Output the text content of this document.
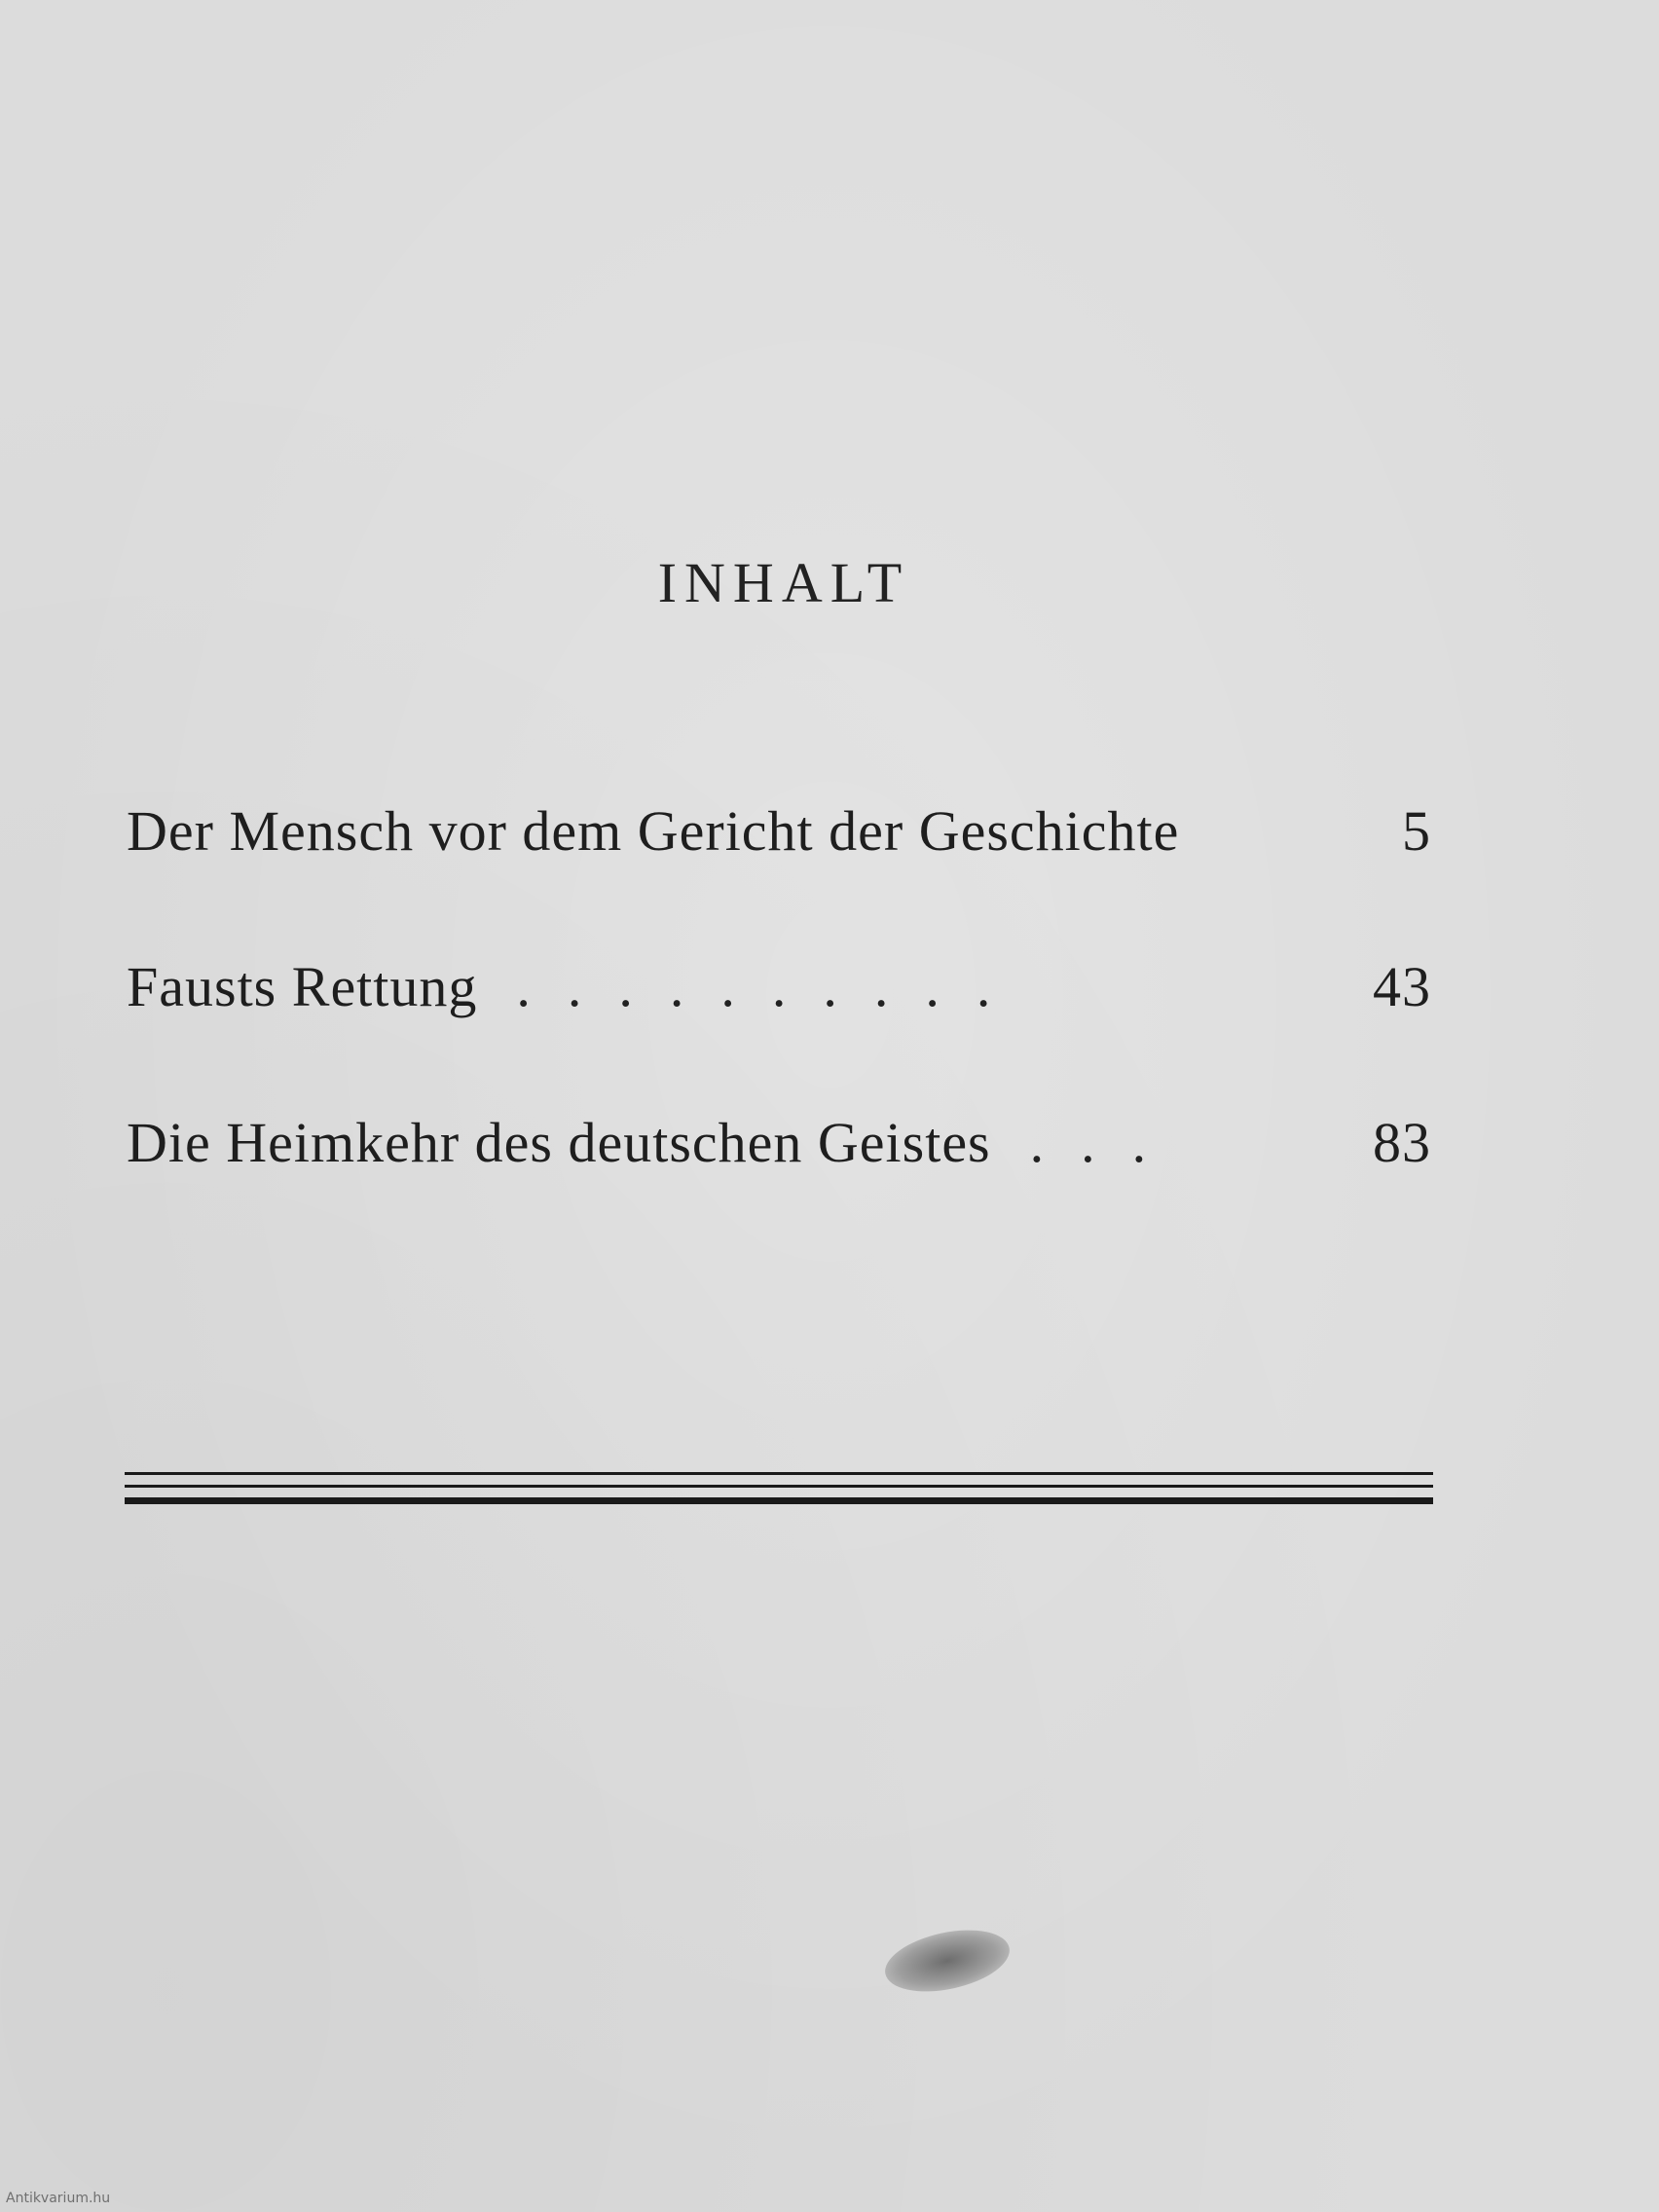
INHALT
Der Mensch vor dem Gericht der Geschichte	5
Fausts Rettung ..........	43
Die Heimkehr des deutschen Geistes ...	83
Antikvarium.hu
